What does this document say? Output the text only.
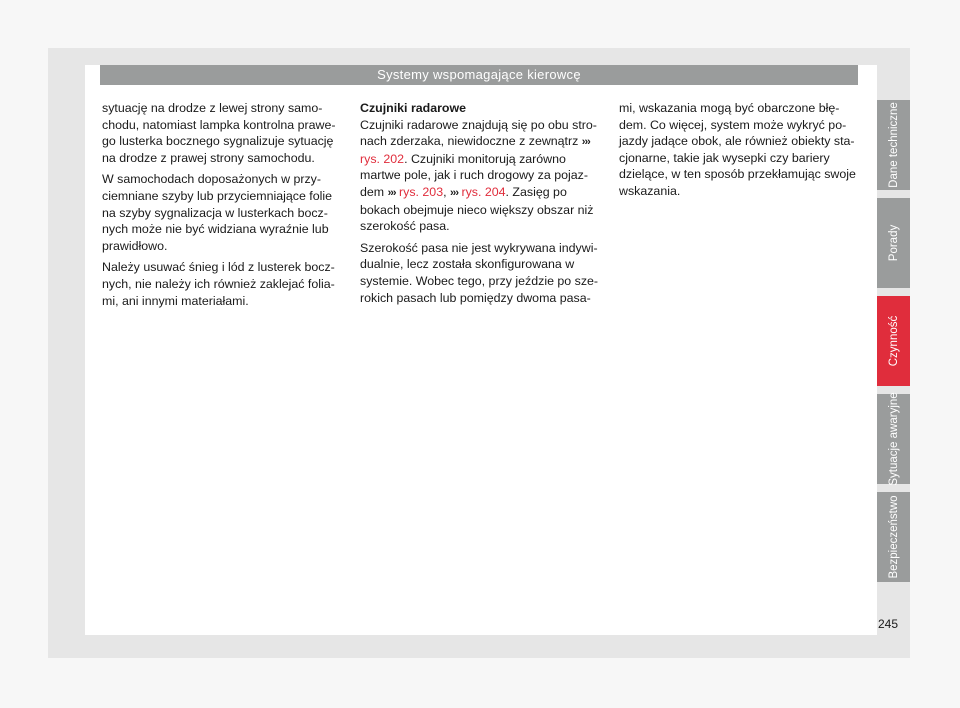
Systemy wspomagające kierowcę

sytuację na drodze z lewej strony samo-chodu, natomiast lampka kontrolna prawe-go lusterka bocznego sygnalizuje sytuację na drodze z prawej strony samochodu.

W samochodach doposażonych w przy-ciemniane szyby lub przyciemniające folie na szyby sygnalizacja w lusterkach bocz-nych może nie być widziana wyraźnie lub prawidłowo.

Należy usuwać śnieg i lód z lusterek bocz-nych, nie należy ich również zaklejać folia-mi, ani innymi materiałami.

Czujniki radarowe

Czujniki radarowe znajdują się po obu stro-nach zderzaka, niewidoczne z zewnątrz ››› rys. 202. Czujniki monitorują zarówno martwe pole, jak i ruch drogowy za pojaz-dem ››› rys. 203, ››› rys. 204. Zasięg po bokach obejmuje nieco większy obszar niż szerokość pasa.

Szerokość pasa nie jest wykrywana indywi-dualnie, lecz została skonfigurowana w systemie. Wobec tego, przy jeździe po sze-rokich pasach lub pomiędzy dwoma pasa-

mi, wskazania mogą być obarczone błę-dem. Co więcej, system może wykryć po-jazdy jadące obok, ale również obiekty sta-cjonarne, takie jak wysepki czy bariery dzielące, w ten sposób przekłamując swoje wskazania.

Dane techniczne
Porady
Czynność
Sytuacje awaryjne
Bezpieczeństwo
245
